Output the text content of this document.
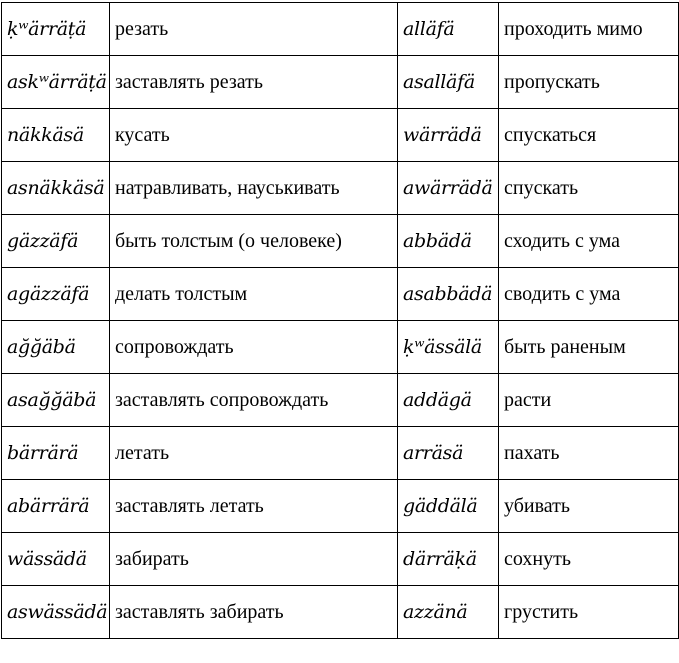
ḳʷärräṭä	резать	alläfä	проходить мимо
askʷärräṭä	заставлять резать	asalläfä	пропускать
näkkäsä	кусать	wärrädä	спускаться
asnäkkäsä	натравливать, науськивать	awärrädä	спускать
gäzzäfä	быть толстым (о человеке)	abbädä	сходить с ума
agäzzäfä	делать толстым	asabbädä	сводить с ума
ağğäbä	сопровождать	ḳʷässälä	быть раненым
asağğäbä	заставлять сопровождать	addägä	расти
bärrärä	летать	arräsä	пахать
abärrärä	заставлять летать	gäddälä	убивать
wässädä	забирать	därräḳä	сохнуть
aswässädä	заставлять забирать	azzänä	грустить
